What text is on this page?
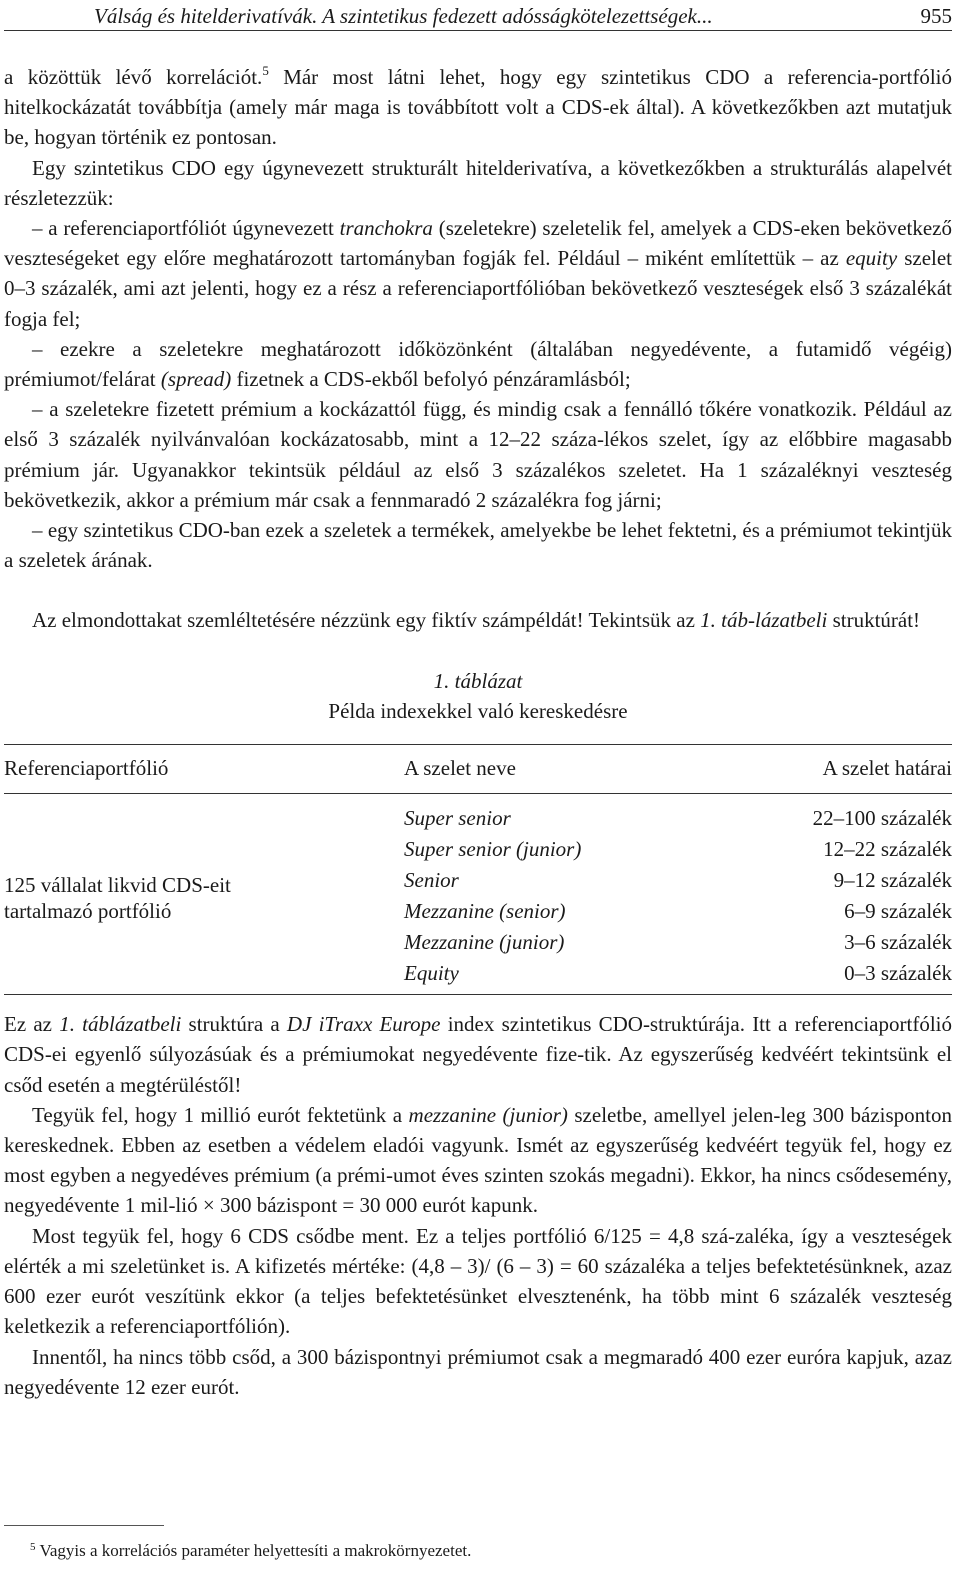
Válság és hitelderivatívák. A szintetikus fedezett adósságkötelezettségek...	955

a közöttük lévő korrelációt.$^5$ Már most látni lehet, hogy egy szintetikus CDO a referencia-portfólió hitelkockázatát továbbítja (amely már maga is továbbított volt a CDS-ek által). A következőkben azt mutatjuk be, hogyan történik ez pontosan.

Egy szintetikus CDO egy úgynevezett strukturált hitelderivatíva, a következőkben a strukturálás alapelvét részletezzük:

– a referenciaportfóliót úgynevezett tranchokra (szeletekre) szeletelik fel, amelyek a CDS-eken bekövetkező veszteségeket egy előre meghatározott tartományban fogják fel. Például – miként említettük – az equity szelet 0–3 százalék, ami azt jelenti, hogy ez a rész a referenciaportfólióban bekövetkező veszteségek első 3 százalékát fogja fel;

– ezekre a szeletekre meghatározott időközönként (általában negyedévente, a futamidő végéig) prémiumot/felárat (spread) fizetnek a CDS-ekből befolyó pénzáramlásból;

– a szeletekre fizetett prémium a kockázattól függ, és mindig csak a fennálló tőkére vonatkozik. Például az első 3 százalék nyilvánvalóan kockázatosabb, mint a 12–22 száza-lékos szelet, így az előbbire magasabb prémium jár. Ugyanakkor tekintsük például az első 3 százalékos szeletet. Ha 1 százaléknyi veszteség bekövetkezik, akkor a prémium már csak a fennmaradó 2 százalékra fog járni;

– egy szintetikus CDO-ban ezek a szeletek a termékek, amelyekbe be lehet fektetni, és a prémiumot tekintjük a szeletek árának.

Az elmondottakat szemléltetésére nézzünk egy fiktív számpéldát! Tekintsük az 1. táb-lázatbeli struktúrát!

1. táblázat
Példa indexekkel való kereskedésre
Referenciaportfólió	A szelet neve	A szelet határai
125 vállalat likvid CDS-eit
tartalmazó portfólió	Super senior	22–100 százalék
	Super senior (junior)	12–22 százalék
	Senior	9–12 százalék
	Mezzanine (senior)	6–9 százalék
	Mezzanine (junior)	3–6 százalék
	Equity	0–3 százalék

Ez az 1. táblázatbeli struktúra a DJ iTraxx Europe index szintetikus CDO-struktúrája. Itt a referenciaportfólió CDS-ei egyenlő súlyozásúak és a prémiumokat negyedévente fize-tik. Az egyszerűség kedvéért tekintsünk el csőd esetén a megtérüléstől!

Tegyük fel, hogy 1 millió eurót fektetünk a mezzanine (junior) szeletbe, amellyel jelen-leg 300 bázisponton kereskednek. Ebben az esetben a védelem eladói vagyunk. Ismét az egyszerűség kedvéért tegyük fel, hogy ez most egyben a negyedéves prémium (a prémi-umot éves szinten szokás megadni). Ekkor, ha nincs csődesemény, negyedévente 1 mil-lió × 300 bázispont = 30 000 eurót kapunk.

Most tegyük fel, hogy 6 CDS csődbe ment. Ez a teljes portfólió 6/125 = 4,8 szá-zaléka, így a veszteségek elérték a mi szeletünket is. A kifizetés mértéke: (4,8 – 3)/ (6 – 3) = 60 százaléka a teljes befektetésünknek, azaz 600 ezer eurót veszítünk ekkor (a teljes befektetésünket elvesztenénk, ha több mint 6 százalék veszteség keletkezik a referenciaportfólión).

Innentől, ha nincs több csőd, a 300 bázispontnyi prémiumot csak a megmaradó 400 ezer euróra kapjuk, azaz negyedévente 12 ezer eurót.

$^5$ Vagyis a korrelációs paraméter helyettesíti a makrokörnyezetet.
